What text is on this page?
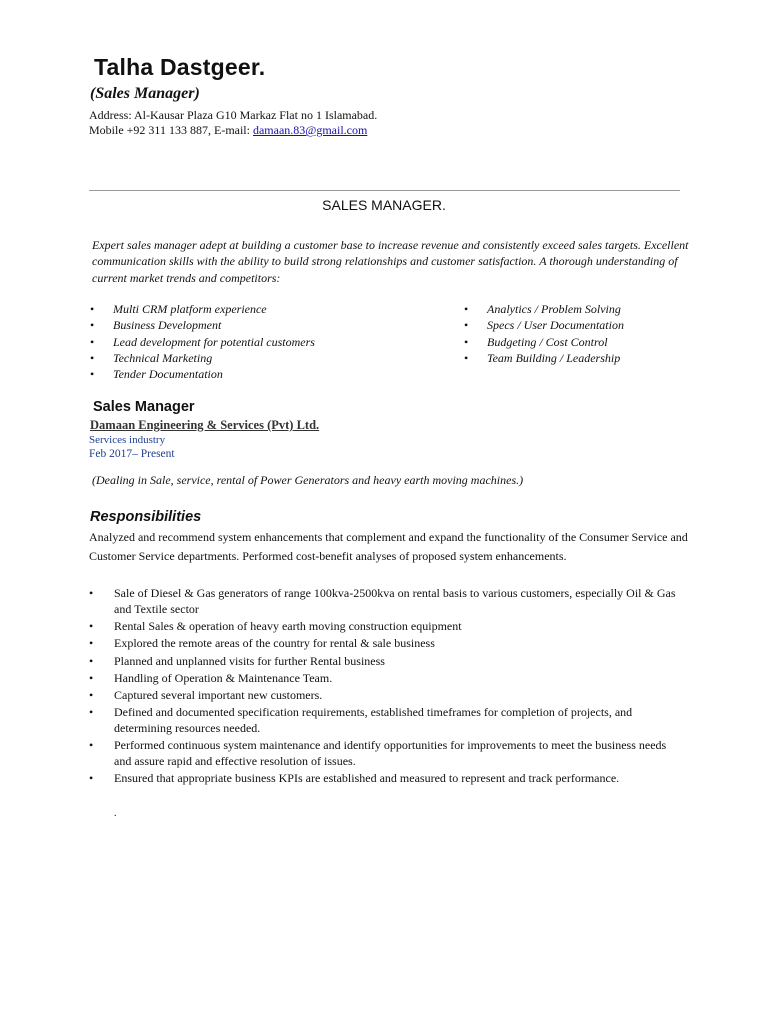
Talha Dastgeer.
(Sales Manager)
Address: Al-Kausar Plaza G10 Markaz Flat no 1 Islamabad.
Mobile +92 311 133 887, E-mail: damaan.83@gmail.com
SALES MANAGER.
Expert sales manager adept at building a customer base to increase revenue and consistently exceed sales targets. Excellent communication skills with the ability to build strong relationships and customer satisfaction. A thorough understanding of current market trends and competitors:
• Multi CRM platform experience
• Business Development
• Lead development for potential customers
• Technical Marketing
• Tender Documentation
• Analytics / Problem Solving
• Specs / User Documentation
• Budgeting / Cost Control
• Team Building / Leadership
Sales Manager
Damaan Engineering & Services (Pvt) Ltd.
Services industry
Feb 2017– Present
(Dealing in Sale, service, rental of Power Generators and heavy earth moving machines.)
Responsibilities
Analyzed and recommend system enhancements that complement and expand the functionality of the Consumer Service and Customer Service departments. Performed cost-benefit analyses of proposed system enhancements.
• Sale of Diesel & Gas generators of range 100kva-2500kva on rental basis to various customers, especially Oil & Gas and Textile sector
• Rental Sales & operation of heavy earth moving construction equipment
• Explored the remote areas of the country for rental & sale business
• Planned and unplanned visits for further Rental business
• Handling of Operation & Maintenance Team.
• Captured several important new customers.
• Defined and documented specification requirements, established timeframes for completion of projects, and determining resources needed.
• Performed continuous system maintenance and identify opportunities for improvements to meet the business needs and assure rapid and effective resolution of issues.
• Ensured that appropriate business KPIs are established and measured to represent and track performance.
.
